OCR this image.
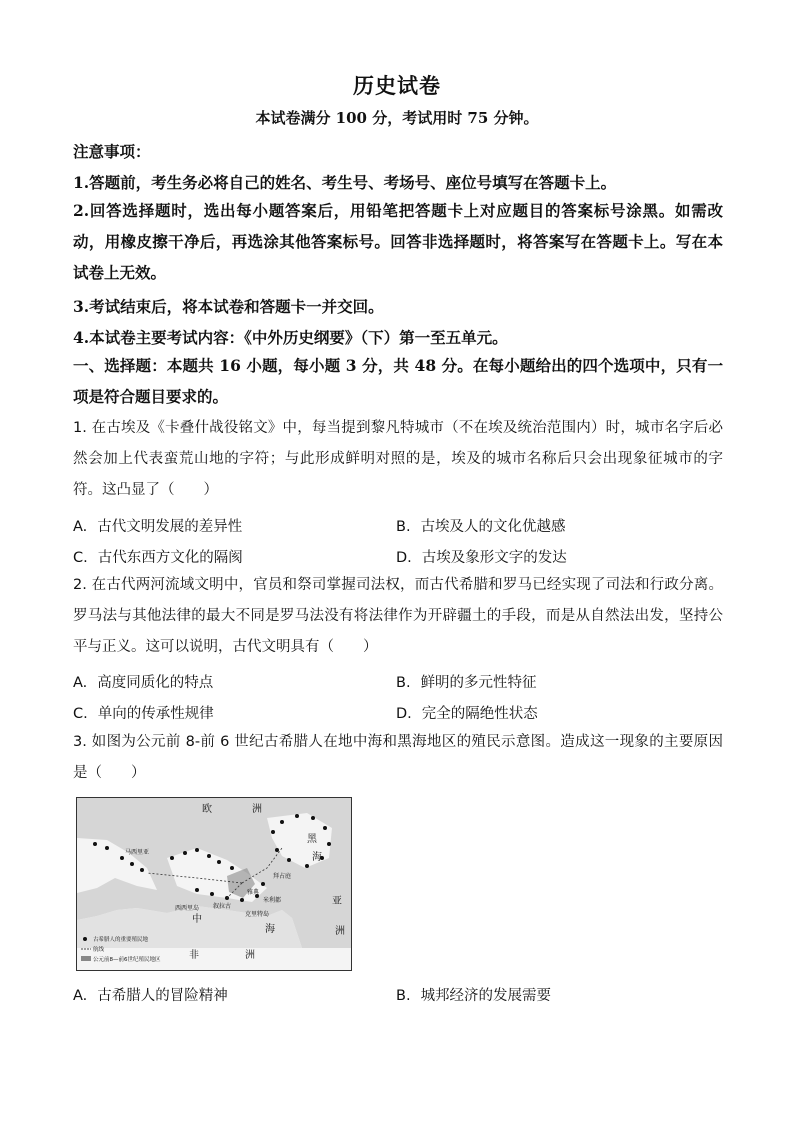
历史试卷
本试卷满分 100 分，考试用时 75 分钟。
注意事项：
1.答题前，考生务必将自己的姓名、考生号、考场号、座位号填写在答题卡上。
2.回答选择题时，选出每小题答案后，用铅笔把答题卡上对应题目的答案标号涂黑。如需改动，用橡皮擦干净后，再选涂其他答案标号。回答非选择题时，将答案写在答题卡上。写在本试卷上无效。
3.考试结束后，将本试卷和答题卡一并交回。
4.本试卷主要考试内容：《中外历史纲要》（下）第一至五单元。
一、选择题：本题共 16 小题，每小题 3 分，共 48 分。在每小题给出的四个选项中，只有一项是符合题目要求的。
1. 在古埃及《卡叠什战役铭文》中，每当提到黎凡特城市（不在埃及统治范围内）时，城市名字后必然会加上代表蛮荒山地的字符；与此形成鲜明对照的是，埃及的城市名称后只会出现象征城市的字符。这凸显了（　　）
A. 古代文明发展的差异性	B. 古埃及人的文化优越感
C. 古代东西方文化的隔阂	D. 古埃及象形文字的发达
2. 在古代两河流域文明中，官员和祭司掌握司法权，而古代希腊和罗马已经实现了司法和行政分离。罗马法与其他法律的最大不同是罗马法没有将法律作为开辟疆土的手段，而是从自然法出发，坚持公平与正义。这可以说明，古代文明具有（　　）
A. 高度同质化的特点	B. 鲜明的多元性特征
C. 单向的传承性规律	D. 完全的隔绝性状态
3. 如图为公元前 8-前 6 世纪古希腊人在地中海和黑海地区的殖民示意图。造成这一现象的主要原因是（　　）
欧	洲
黑
海
亚
洲
中
海
非	洲
马西里亚
拜占庭
叙拉古
雅典
米利都
西西里岛
克里特岛
古希腊人的重要殖民地
航线
公元前8—前6世纪殖民地区
A. 古希腊人的冒险精神	B. 城邦经济的发展需要
